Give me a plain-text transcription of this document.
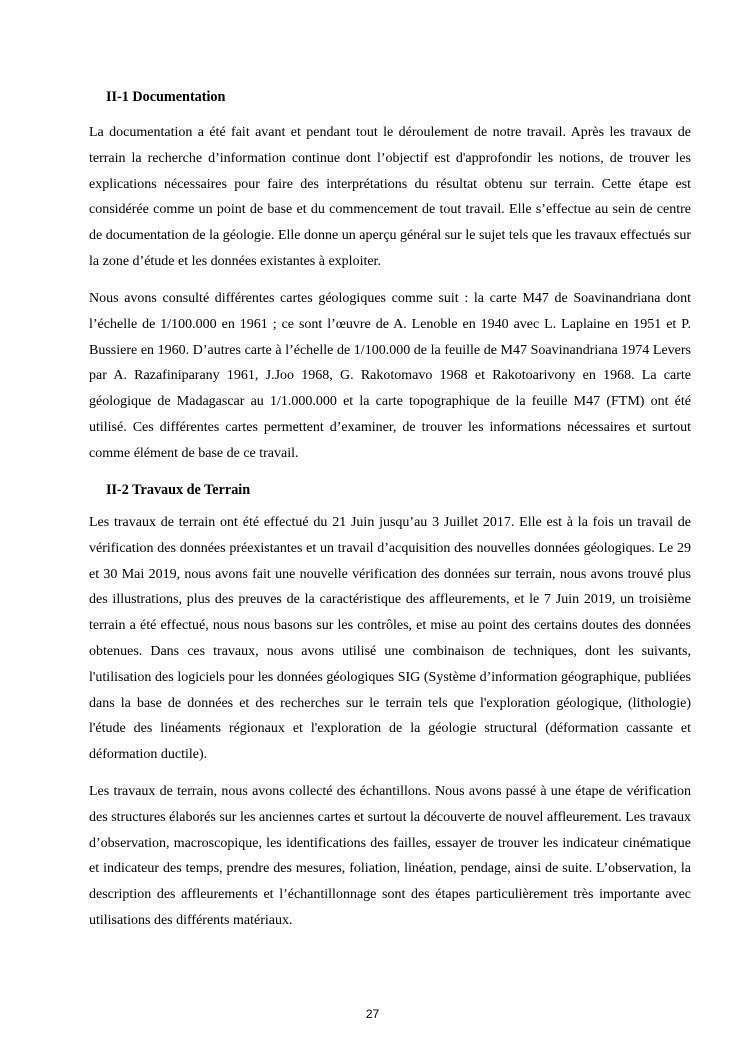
II-1 Documentation

La documentation a été fait avant et pendant tout le déroulement de notre travail. Après les travaux de terrain la recherche d’information continue dont l’objectif est d'approfondir les notions, de trouver les explications nécessaires pour faire des interprétations du résultat obtenu sur terrain. Cette étape est considérée comme un point de base et du commencement de tout travail. Elle s’effectue au sein de centre de documentation de la géologie. Elle donne un aperçu général sur le sujet tels que les travaux effectués sur la zone d’étude et les données existantes à exploiter.

Nous avons consulté différentes cartes géologiques comme suit : la carte M47 de Soavinandriana dont l’échelle de 1/100.000 en 1961 ; ce sont l’œuvre de A. Lenoble en 1940 avec L. Laplaine en 1951 et P. Bussiere en 1960. D’autres carte à l’échelle de 1/100.000 de la feuille de M47 Soavinandriana 1974 Levers par A. Razafiniparany 1961, J.Joo 1968, G. Rakotomavo 1968 et Rakotoarivony en 1968. La carte géologique de Madagascar au 1/1.000.000 et la carte topographique de la feuille M47 (FTM) ont été utilisé. Ces différentes cartes permettent d’examiner, de trouver les informations nécessaires et surtout comme élément de base de ce travail.

II-2 Travaux de Terrain

Les travaux de terrain ont été effectué du 21 Juin jusqu’au 3 Juillet 2017. Elle est à la fois un travail de vérification des données préexistantes et un travail d’acquisition des nouvelles données géologiques. Le 29 et 30 Mai 2019, nous avons fait une nouvelle vérification des données sur terrain, nous avons trouvé plus des illustrations, plus des preuves de la caractéristique des affleurements, et le 7 Juin 2019, un troisième terrain a été effectué, nous nous basons sur les contrôles, et mise au point des certains doutes des données obtenues. Dans ces travaux, nous avons utilisé une combinaison de techniques, dont les suivants, l'utilisation des logiciels pour les données géologiques SIG (Système d’information géographique, publiées dans la base de données et des recherches sur le terrain tels que l'exploration géologique, (lithologie) l'étude des linéaments régionaux et l'exploration de la géologie structural (déformation cassante et déformation ductile).

Les travaux de terrain, nous avons collecté des échantillons. Nous avons passé à une étape de vérification des structures élaborés sur les anciennes cartes et surtout la découverte de nouvel affleurement. Les travaux d’observation, macroscopique, les identifications des failles, essayer de trouver les indicateur cinématique et indicateur des temps, prendre des mesures, foliation, linéation, pendage, ainsi de suite. L’observation, la description des affleurements et l’échantillonnage sont des étapes particulièrement très importante avec utilisations des différents matériaux.

27
